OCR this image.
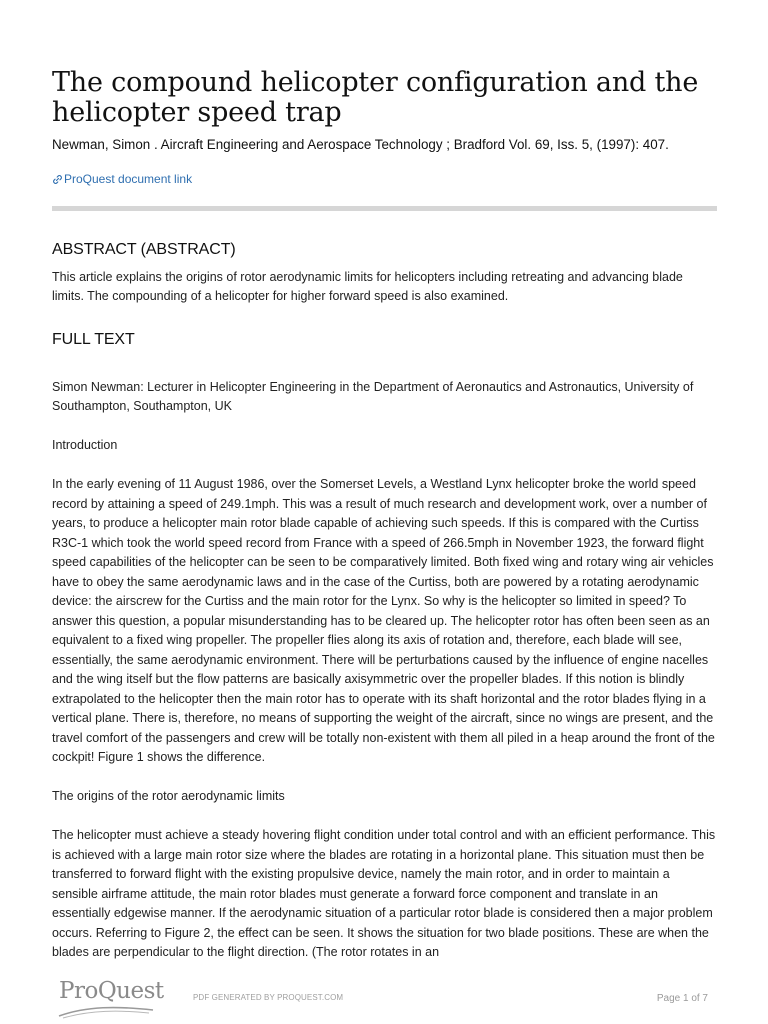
The compound helicopter configuration and the helicopter speed trap
Newman, Simon . Aircraft Engineering and Aerospace Technology ; Bradford Vol. 69, Iss. 5, (1997): 407.
ProQuest document link
ABSTRACT (ABSTRACT)

This article explains the origins of rotor aerodynamic limits for helicopters including retreating and advancing blade limits. The compounding of a helicopter for higher forward speed is also examined.

FULL TEXT

Simon Newman: Lecturer in Helicopter Engineering in the Department of Aeronautics and Astronautics, University of Southampton, Southampton, UK

Introduction

In the early evening of 11 August 1986, over the Somerset Levels, a Westland Lynx helicopter broke the world speed record by attaining a speed of 249.1mph. This was a result of much research and development work, over a number of years, to produce a helicopter main rotor blade capable of achieving such speeds. If this is compared with the Curtiss R3C-1 which took the world speed record from France with a speed of 266.5mph in November 1923, the forward flight speed capabilities of the helicopter can be seen to be comparatively limited. Both fixed wing and rotary wing air vehicles have to obey the same aerodynamic laws and in the case of the Curtiss, both are powered by a rotating aerodynamic device: the airscrew for the Curtiss and the main rotor for the Lynx. So why is the helicopter so limited in speed? To answer this question, a popular misunderstanding has to be cleared up. The helicopter rotor has often been seen as an equivalent to a fixed wing propeller. The propeller flies along its axis of rotation and, therefore, each blade will see, essentially, the same aerodynamic environment. There will be perturbations caused by the influence of engine nacelles and the wing itself but the flow patterns are basically axisymmetric over the propeller blades. If this notion is blindly extrapolated to the helicopter then the main rotor has to operate with its shaft horizontal and the rotor blades flying in a vertical plane. There is, therefore, no means of supporting the weight of the aircraft, since no wings are present, and the travel comfort of the passengers and crew will be totally non-existent with them all piled in a heap around the front of the cockpit! Figure 1 shows the difference.

The origins of the rotor aerodynamic limits

The helicopter must achieve a steady hovering flight condition under total control and with an efficient performance. This is achieved with a large main rotor size where the blades are rotating in a horizontal plane. This situation must then be transferred to forward flight with the existing propulsive device, namely the main rotor, and in order to maintain a sensible airframe attitude, the main rotor blades must generate a forward force component and translate in an essentially edgewise manner. If the aerodynamic situation of a particular rotor blade is considered then a major problem occurs. Referring to Figure 2, the effect can be seen. It shows the situation for two blade positions. These are when the blades are perpendicular to the flight direction. (The rotor rotates in an

ProQuest	PDF GENERATED BY PROQUEST.COM	Page 1 of 7
